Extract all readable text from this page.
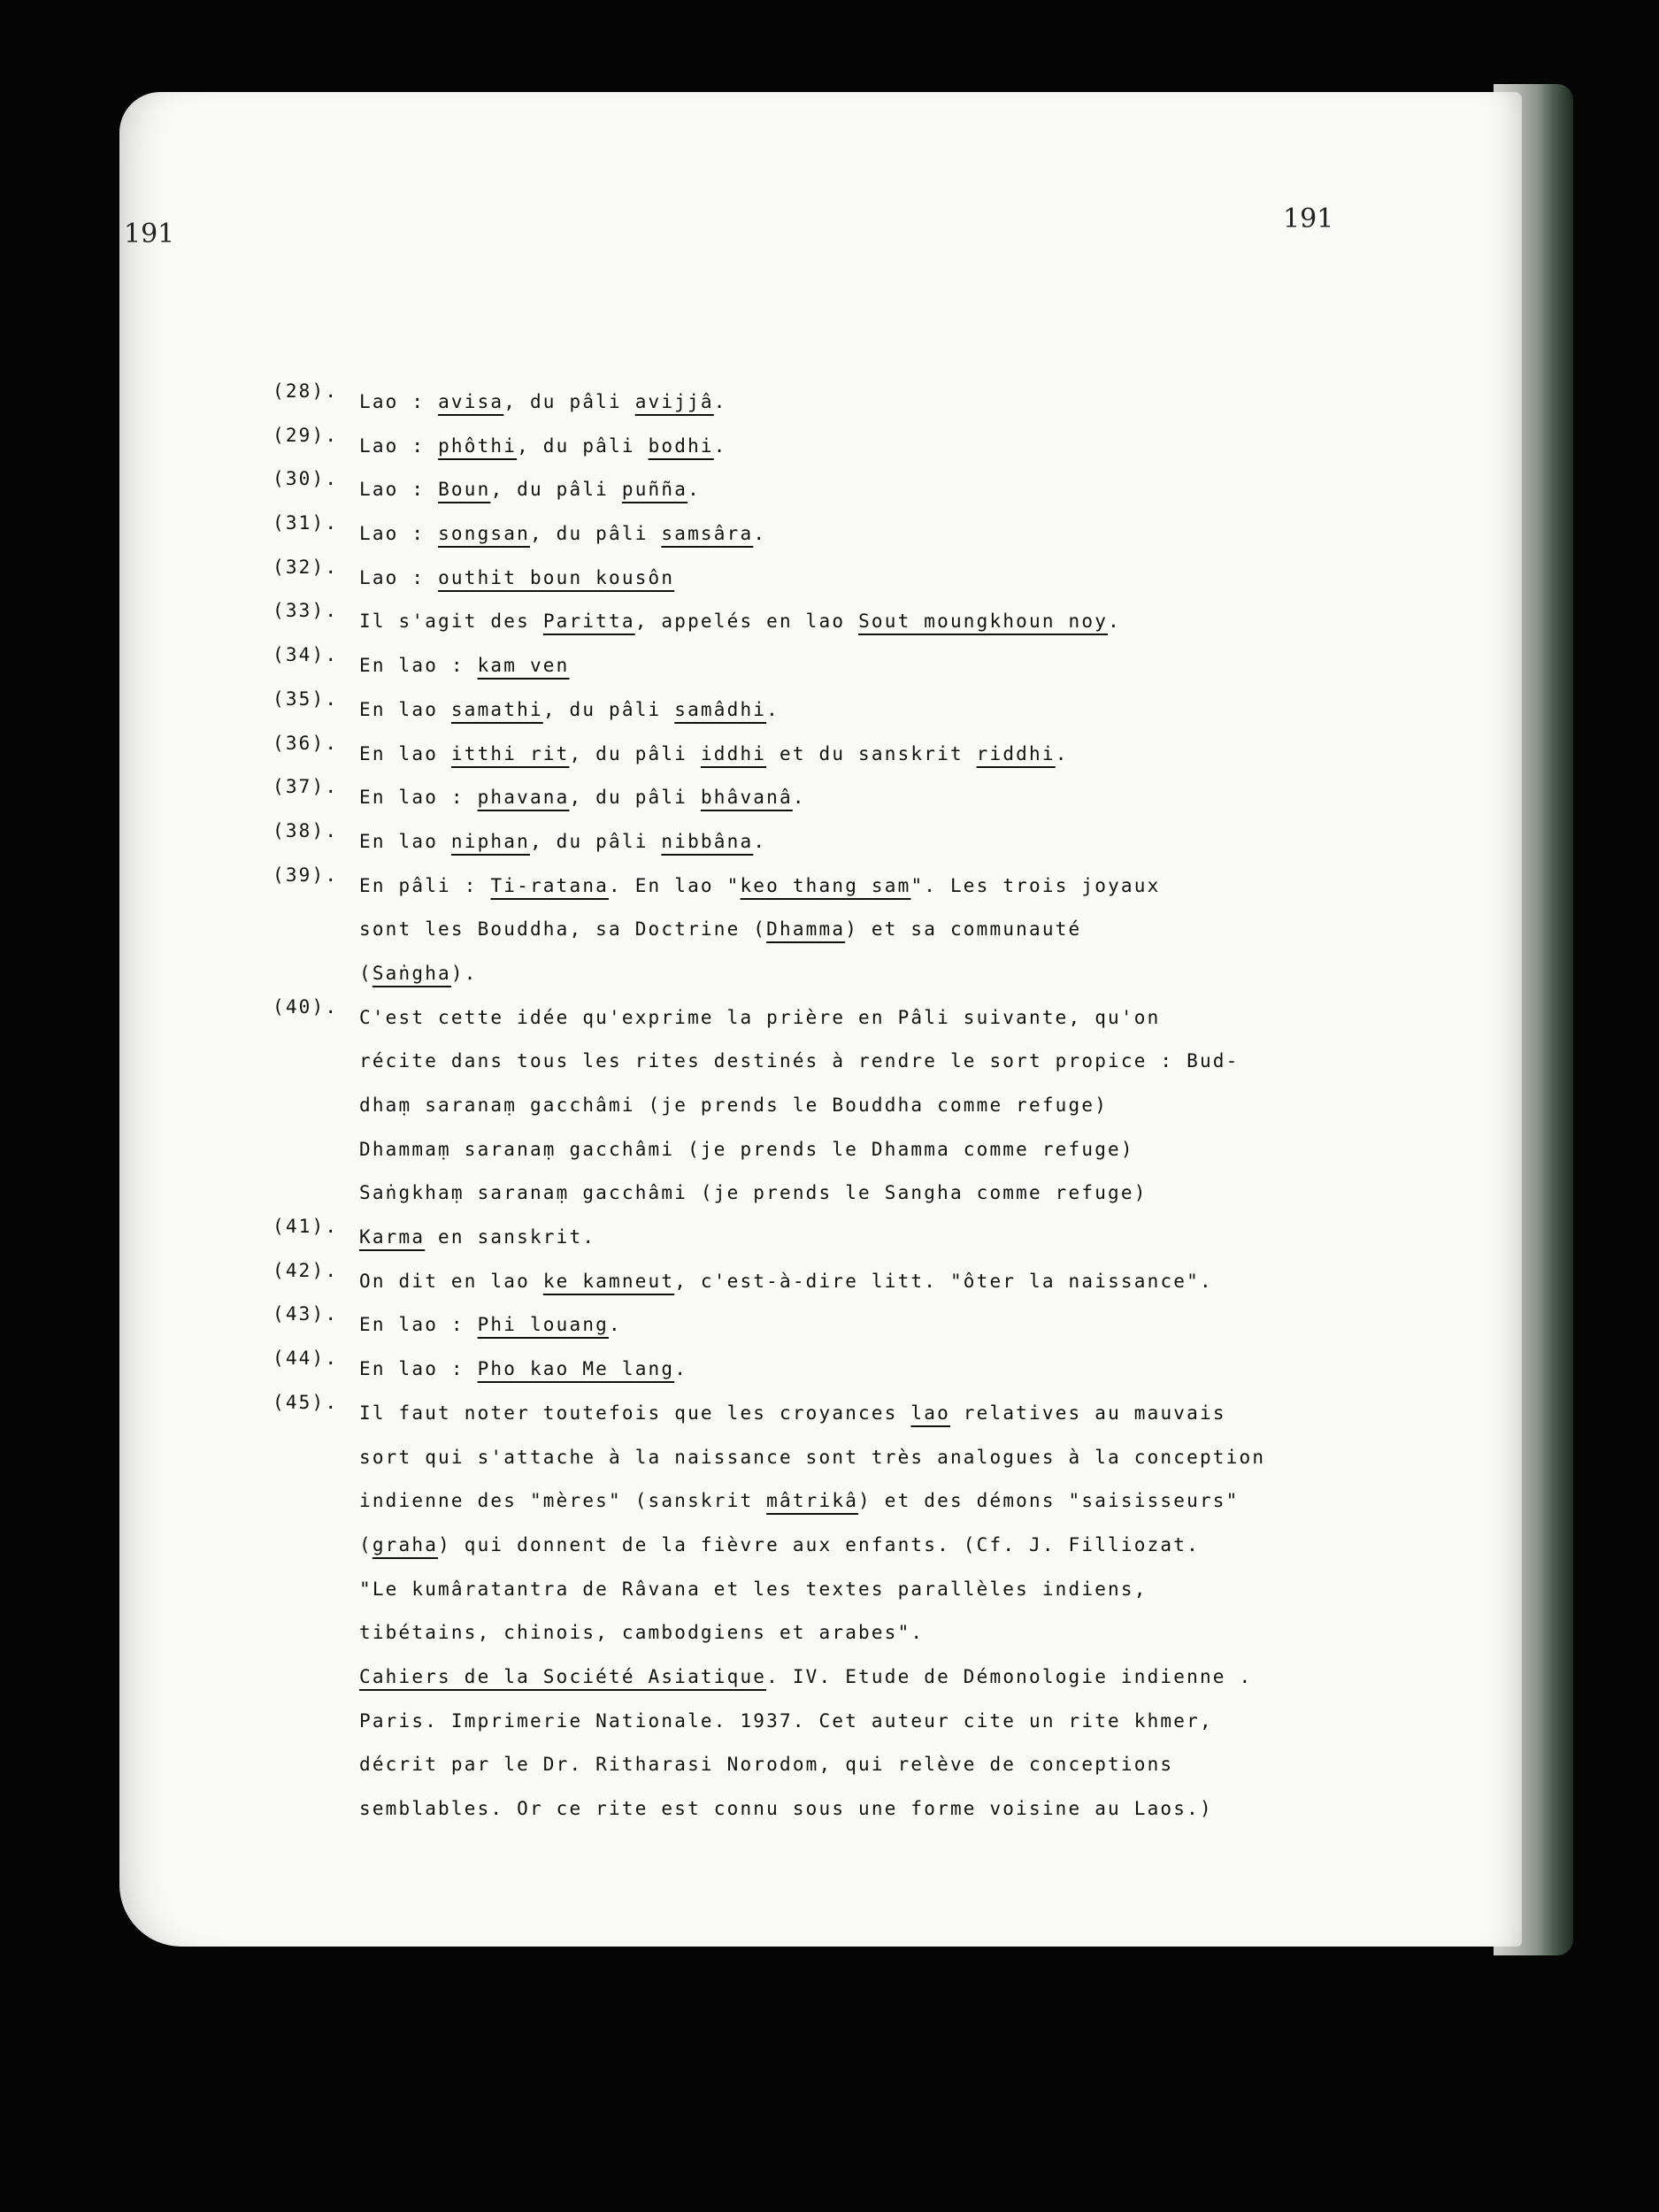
191	191
(28).	Lao : avisa, du pâli avijjâ.
(29).	Lao : phôthi, du pâli bodhi.
(30).	Lao : Boun, du pâli puñña.
(31).	Lao : songsan, du pâli samsâra.
(32).	Lao : outhit boun kousôn
(33).	Il s'agit des Paritta, appelés en lao Sout moungkhoun noy.
(34).	En lao : kam ven
(35).	En lao samathi, du pâli samâdhi.
(36).	En lao itthi rit, du pâli iddhi et du sanskrit riddhi.
(37).	En lao : phavana, du pâli bhâvanâ.
(38).	En lao niphan, du pâli nibbâna.
(39).	En pâli : Ti-ratana. En lao "keo thang sam". Les trois joyaux
sont les Bouddha, sa Doctrine (Dhamma) et sa communauté
(Saṅgha).
(40).	C'est cette idée qu'exprime la prière en Pâli suivante, qu'on
récite dans tous les rites destinés à rendre le sort propice : Bud-
dhaṃ saranaṃ gacchâmi (je prends le Bouddha comme refuge)
Dhammaṃ saranaṃ gacchâmi (je prends le Dhamma comme refuge)
Saṅgkhaṃ saranaṃ gacchâmi (je prends le Sangha comme refuge)
(41).	Karma en sanskrit.
(42).	On dit en lao ke kamneut, c'est-à-dire litt. "ôter la naissance".
(43).	En lao : Phi louang.
(44).	En lao : Pho kao Me lang.
(45).	Il faut noter toutefois que les croyances lao relatives au mauvais
sort qui s'attache à la naissance sont très analogues à la conception
indienne des "mères" (sanskrit mâtrikâ) et des démons "saisisseurs"
(graha) qui donnent de la fièvre aux enfants. (Cf. J. Filliozat.
"Le kumâratantra de Râvana et les textes parallèles indiens,
tibétains, chinois, cambodgiens et arabes".
Cahiers de la Société Asiatique. IV. Etude de Démonologie indienne .
Paris. Imprimerie Nationale. 1937. Cet auteur cite un rite khmer,
décrit par le Dr. Ritharasi Norodom, qui relève de conceptions
semblables. Or ce rite est connu sous une forme voisine au Laos.)
